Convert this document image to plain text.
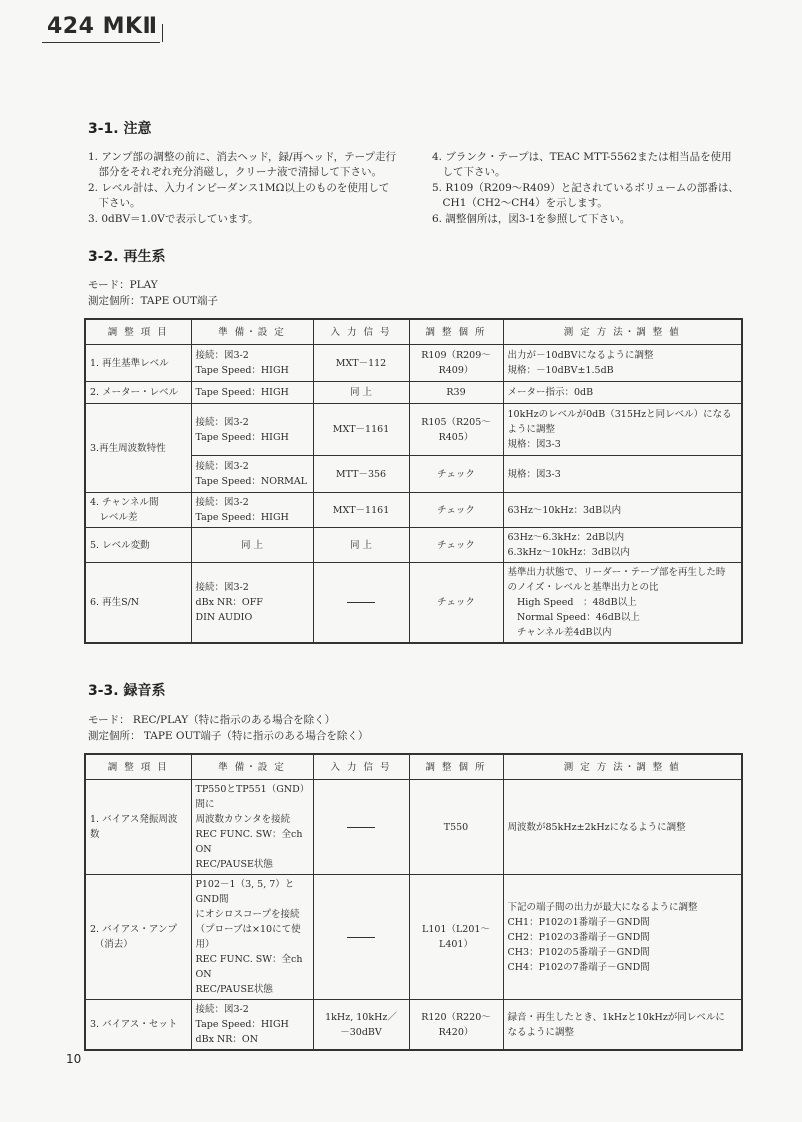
424 MKⅡ
3-1. 注意
1. アンプ部の調整の前に、消去ヘッド，録/再ヘッド，テープ走行
　部分をそれぞれ充分消磁し，クリーナ液で清掃して下さい。
2. レベル計は、入力インピーダンス1MΩ以上のものを使用して
　下さい。
3. 0dBV＝1.0Vで表示しています。
4. ブランク・テープは、TEAC MTT-5562または相当品を使用
　して下さい。
5. R109（R209～R409）と記されているボリュームの部番は、
　CH1（CH2～CH4）を示します。
6. 調整個所は，図3-1を参照して下さい。
3-2. 再生系
モード：PLAY
測定個所：TAPE OUT端子
調 整 項 目	準 備・設 定	入 力 信 号	調 整 個 所	測 定 方 法・調 整 値
1. 再生基準レベル	接続：図3-2
Tape Speed：HIGH	MXT－112	R109（R209～R409）	出力が－10dBVになるように調整
規格：－10dBV±1.5dB
2. メーター・レベル	Tape Speed：HIGH	同 上	R39	メーター指示：0dB
3.再生周波数特性	接続：図3-2
Tape Speed：HIGH	MXT－1161	R105（R205～R405）	10kHzのレベルが0dB（315Hzと同レベル）になる
ように調整
規格：図3-3
	接続：図3-2
Tape Speed：NORMAL	MTT－356	チェック	規格：図3-3
4. チャンネル間
　レベル差	接続：図3-2
Tape Speed：HIGH	MXT－1161	チェック	63Hz～10kHz：3dB以内
5. レベル変動	同 上	同 上	チェック	63Hz～6.3kHz：2dB以内
6.3kHz～10kHz：3dB以内
6. 再生S/N	接続：図3-2
dBx NR：OFF
DIN AUDIO		チェック	基準出力状態で、リーダー・テープ部を再生した時
のノイズ・レベルと基準出力との比
　High Speed　：48dB以上
　Normal Speed：46dB以上
　チャンネル差4dB以内
3-3. 録音系
モード： REC/PLAY（特に指示のある場合を除く）
測定個所： TAPE OUT端子（特に指示のある場合を除く）
調 整 項 目	準 備・設 定	入 力 信 号	調 整 個 所	測 定 方 法・調 整 値
1. バイアス発振周波数	TP550とTP551（GND）間に
周波数カウンタを接続
REC FUNC. SW：全ch ON
REC/PAUSE状態		T550	周波数が85kHz±2kHzになるように調整
2. バイアス・アンプ
　（消去）	P102－1（3, 5, 7）とGND間
にオシロスコープを接続
（プローブは×10にて使用）
REC FUNC. SW：全ch ON
REC/PAUSE状態		L101（L201～L401）	下記の端子間の出力が最大になるように調整
CH1：P102の1番端子－GND間
CH2：P102の3番端子－GND間
CH3：P102の5番端子－GND間
CH4：P102の7番端子－GND間
3. バイアス・セット	接続：図3-2
Tape Speed：HIGH
dBx NR：ON	1kHz, 10kHz／
－30dBV	R120（R220～R420）	録音・再生したとき、1kHzと10kHzが同レベルに
なるように調整
10
